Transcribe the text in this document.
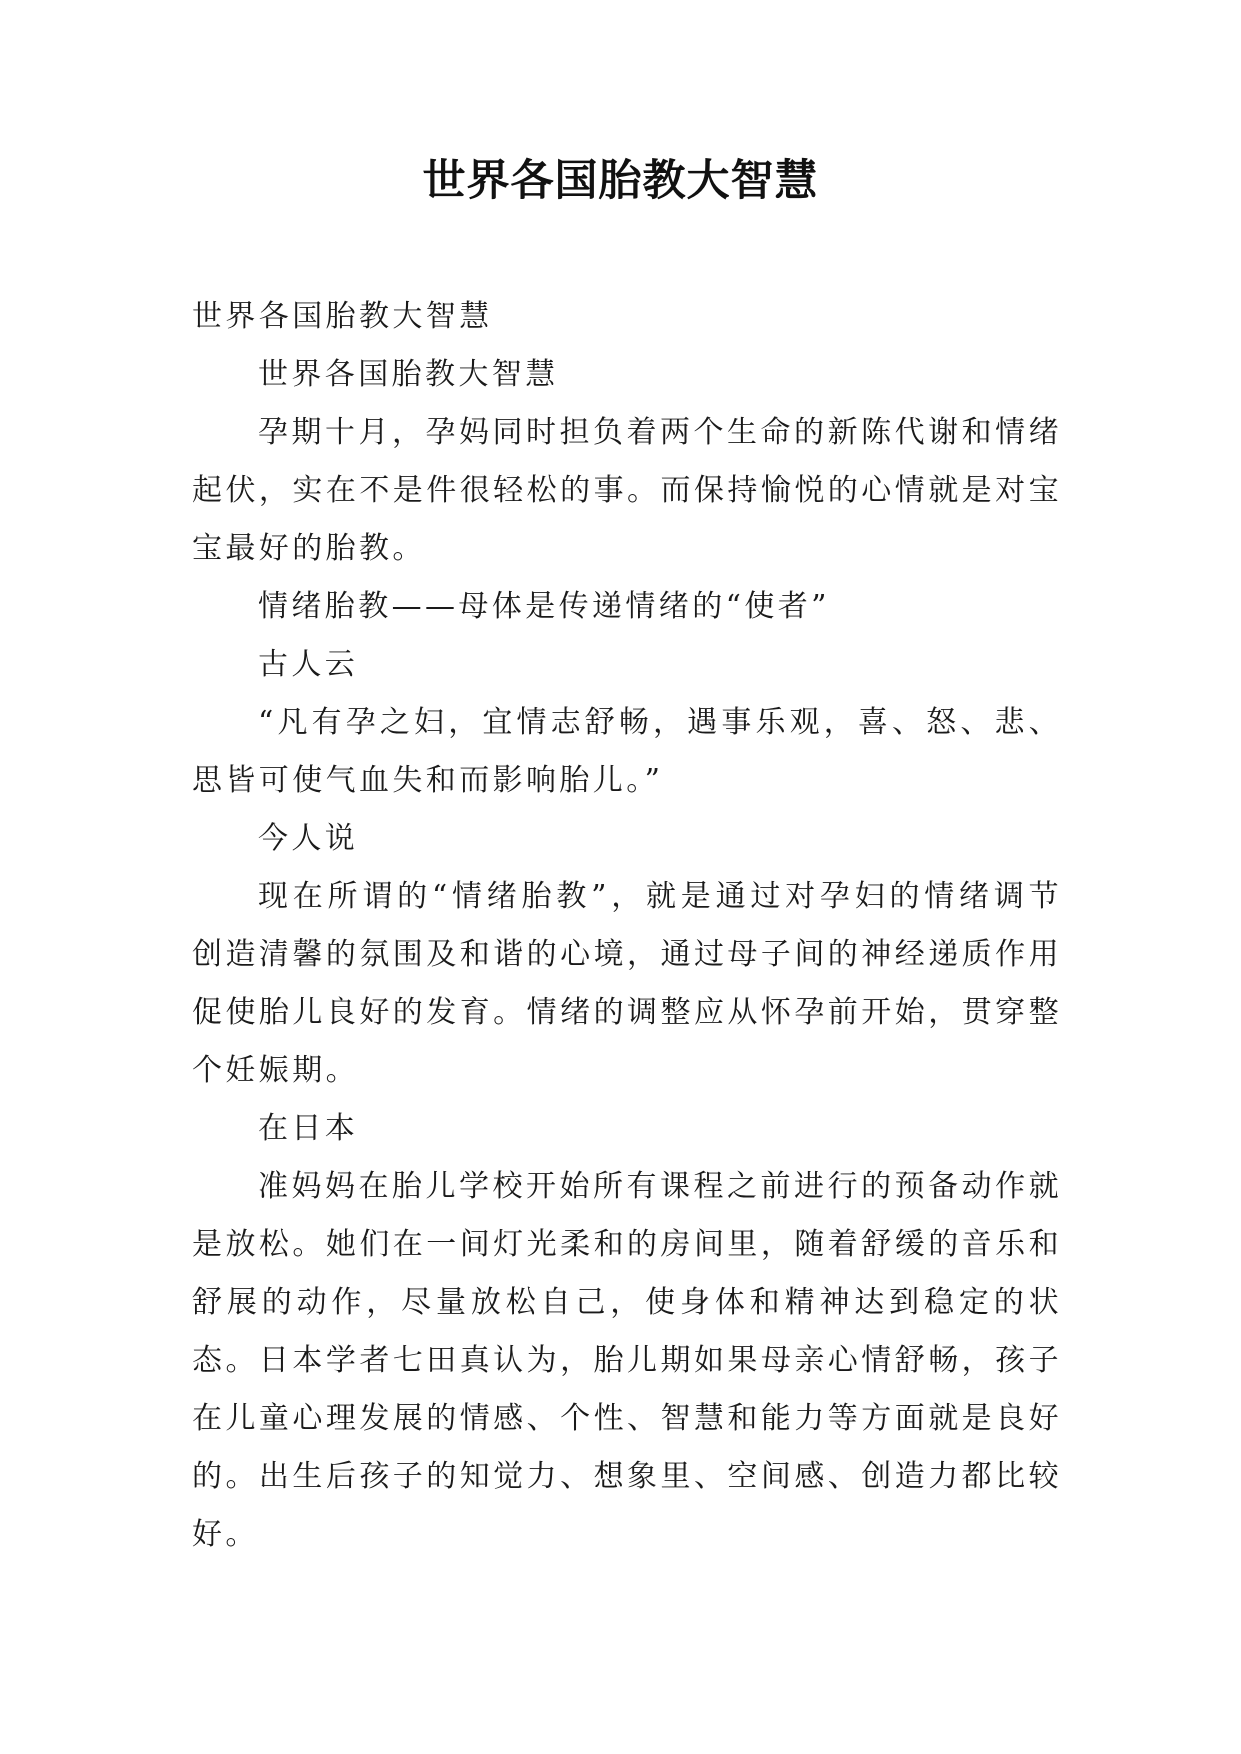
世界各国胎教大智慧

世界各国胎教大智慧

世界各国胎教大智慧

孕期十月，孕妈同时担负着两个生命的新陈代谢和情绪起伏，实在不是件很轻松的事。而保持愉悦的心情就是对宝宝最好的胎教。

情绪胎教——母体是传递情绪的“使者”

古人云

“凡有孕之妇，宜情志舒畅，遇事乐观，喜、怒、悲、思皆可使气血失和而影响胎儿。”

今人说

现在所谓的“情绪胎教”，就是通过对孕妇的情绪调节创造清馨的氛围及和谐的心境，通过母子间的神经递质作用促使胎儿良好的发育。情绪的调整应从怀孕前开始，贯穿整个妊娠期。

在日本

准妈妈在胎儿学校开始所有课程之前进行的预备动作就是放松。她们在一间灯光柔和的房间里，随着舒缓的音乐和舒展的动作，尽量放松自己，使身体和精神达到稳定的状态。日本学者七田真认为，胎儿期如果母亲心情舒畅，孩子在儿童心理发展的情感、个性、智慧和能力等方面就是良好的。出生后孩子的知觉力、想象里、空间感、创造力都比较好。
